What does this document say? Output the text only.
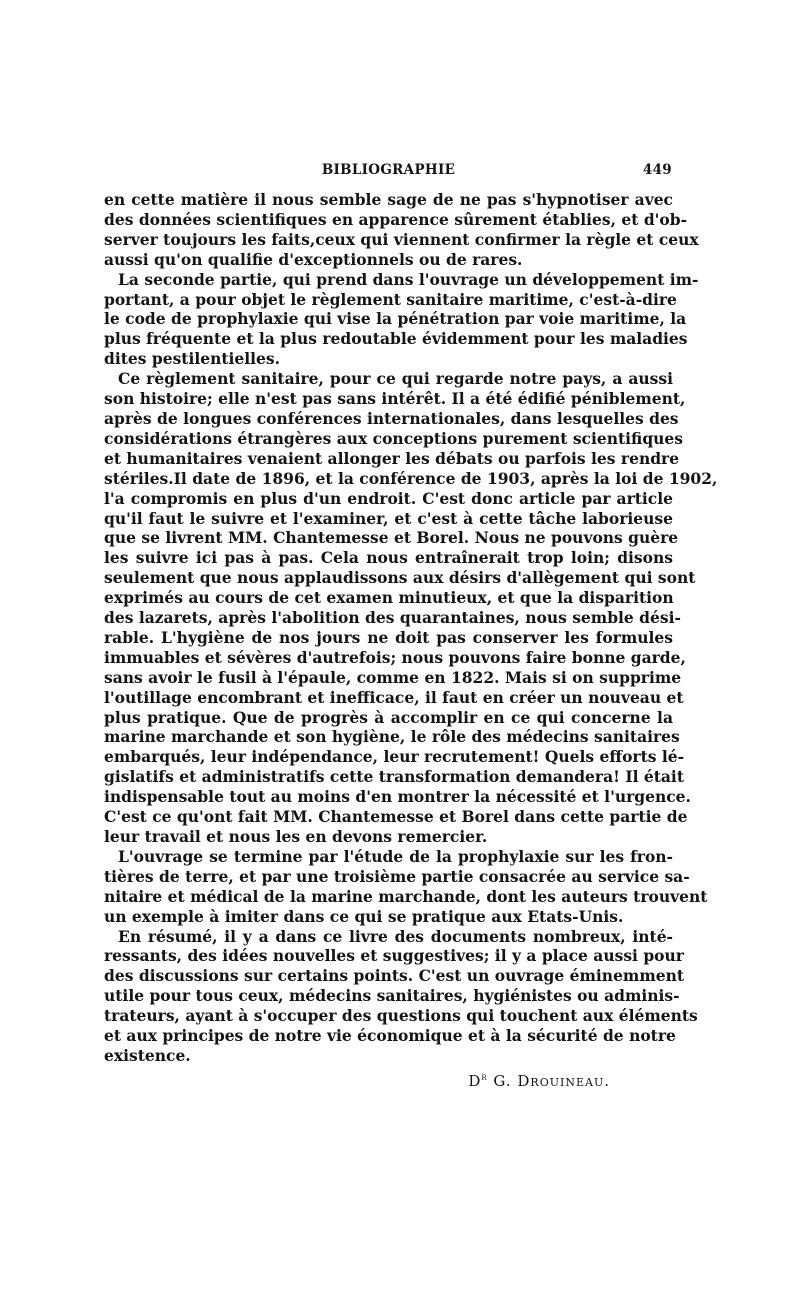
BIBLIOGRAPHIE	449

en cette matière il nous semble sage de ne pas s'hypnotiser avec
des données scientifiques en apparence sûrement établies, et d'ob-
server toujours les faits,ceux qui viennent confirmer la règle et ceux
aussi qu'on qualifie d'exceptionnels ou de rares.

La seconde partie, qui prend dans l'ouvrage un développement im-
portant, a pour objet le règlement sanitaire maritime, c'est-à-dire
le code de prophylaxie qui vise la pénétration par voie maritime, la
plus fréquente et la plus redoutable évidemment pour les maladies
dites pestilentielles.

Ce règlement sanitaire, pour ce qui regarde notre pays, a aussi
son histoire; elle n'est pas sans intérêt. Il a été édifié péniblement,
après de longues conférences internationales, dans lesquelles des
considérations étrangères aux conceptions purement scientifiques
et humanitaires venaient allonger les débats ou parfois les rendre
stériles.Il date de 1896, et la conférence de 1903, après la loi de 1902,
l'a compromis en plus d'un endroit. C'est donc article par article
qu'il faut le suivre et l'examiner, et c'est à cette tâche laborieuse
que se livrent MM. Chantemesse et Borel. Nous ne pouvons guère
les suivre ici pas à pas. Cela nous entraînerait trop loin; disons
seulement que nous applaudissons aux désirs d'allègement qui sont
exprimés au cours de cet examen minutieux, et que la disparition
des lazarets, après l'abolition des quarantaines, nous semble dési-
rable. L'hygiène de nos jours ne doit pas conserver les formules
immuables et sévères d'autrefois; nous pouvons faire bonne garde,
sans avoir le fusil à l'épaule, comme en 1822. Mais si on supprime
l'outillage encombrant et inefficace, il faut en créer un nouveau et
plus pratique. Que de progrès à accomplir en ce qui concerne la
marine marchande et son hygiène, le rôle des médecins sanitaires
embarqués, leur indépendance, leur recrutement! Quels efforts lé-
gislatifs et administratifs cette transformation demandera! Il était
indispensable tout au moins d'en montrer la nécessité et l'urgence.
C'est ce qu'ont fait MM. Chantemesse et Borel dans cette partie de
leur travail et nous les en devons remercier.

L'ouvrage se termine par l'étude de la prophylaxie sur les fron-
tières de terre, et par une troisième partie consacrée au service sa-
nitaire et médical de la marine marchande, dont les auteurs trouvent
un exemple à imiter dans ce qui se pratique aux Etats-Unis.

En résumé, il y a dans ce livre des documents nombreux, inté-
ressants, des idées nouvelles et suggestives; il y a place aussi pour
des discussions sur certains points. C'est un ouvrage éminemment
utile pour tous ceux, médecins sanitaires, hygiénistes ou adminis-
trateurs, ayant à s'occuper des questions qui touchent aux éléments
et aux principes de notre vie économique et à la sécurité de notre
existence.

$D^r$ G. Drouineau.
